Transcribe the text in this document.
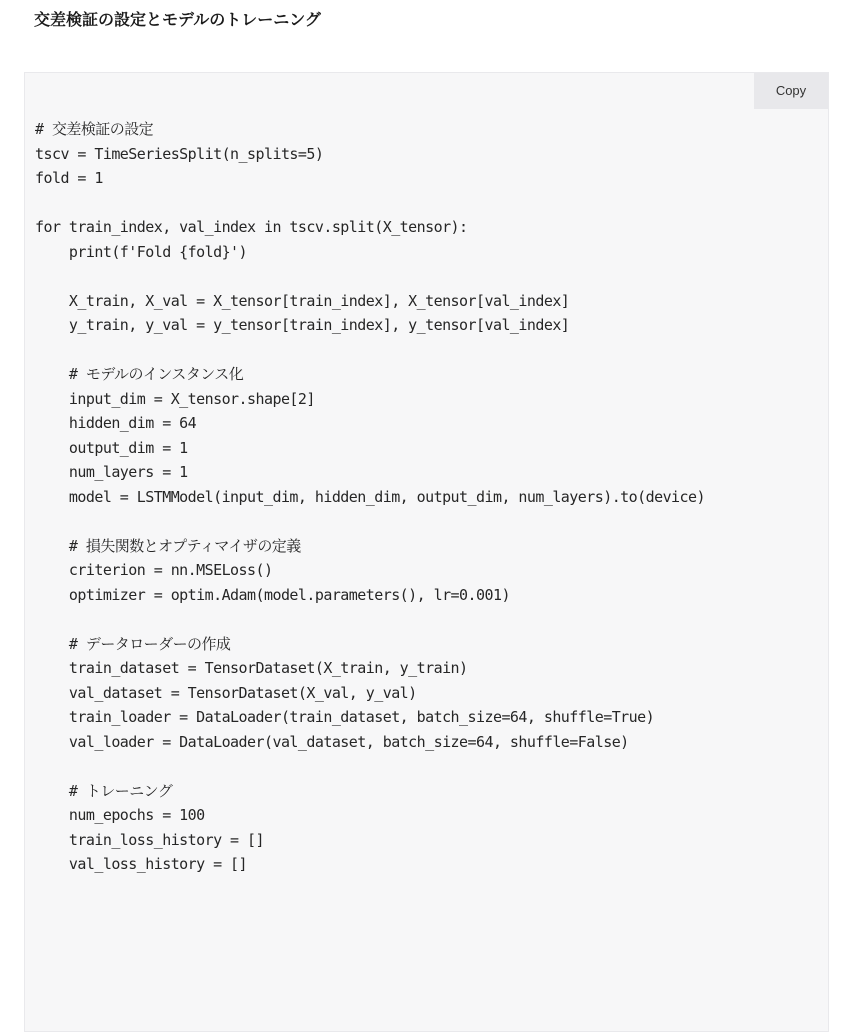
交差検証の設定とモデルのトレーニング
Copy
# 交差検証の設定
tscv = TimeSeriesSplit(n_splits=5)
fold = 1
for train_index, val_index in tscv.split(X_tensor):
print(f'Fold {fold}')
X_train, X_val = X_tensor[train_index], X_tensor[val_index]
y_train, y_val = y_tensor[train_index], y_tensor[val_index]
# モデルのインスタンス化
input_dim = X_tensor.shape[2]
hidden_dim = 64
output_dim = 1
num_layers = 1
model = LSTMModel(input_dim, hidden_dim, output_dim, num_layers).to(device)
# 損失関数とオプティマイザの定義
criterion = nn.MSELoss()
optimizer = optim.Adam(model.parameters(), lr=0.001)
# データローダーの作成
train_dataset = TensorDataset(X_train, y_train)
val_dataset = TensorDataset(X_val, y_val)
train_loader = DataLoader(train_dataset, batch_size=64, shuffle=True)
val_loader = DataLoader(val_dataset, batch_size=64, shuffle=False)
# トレーニング
num_epochs = 100
train_loss_history = []
val_loss_history = []
